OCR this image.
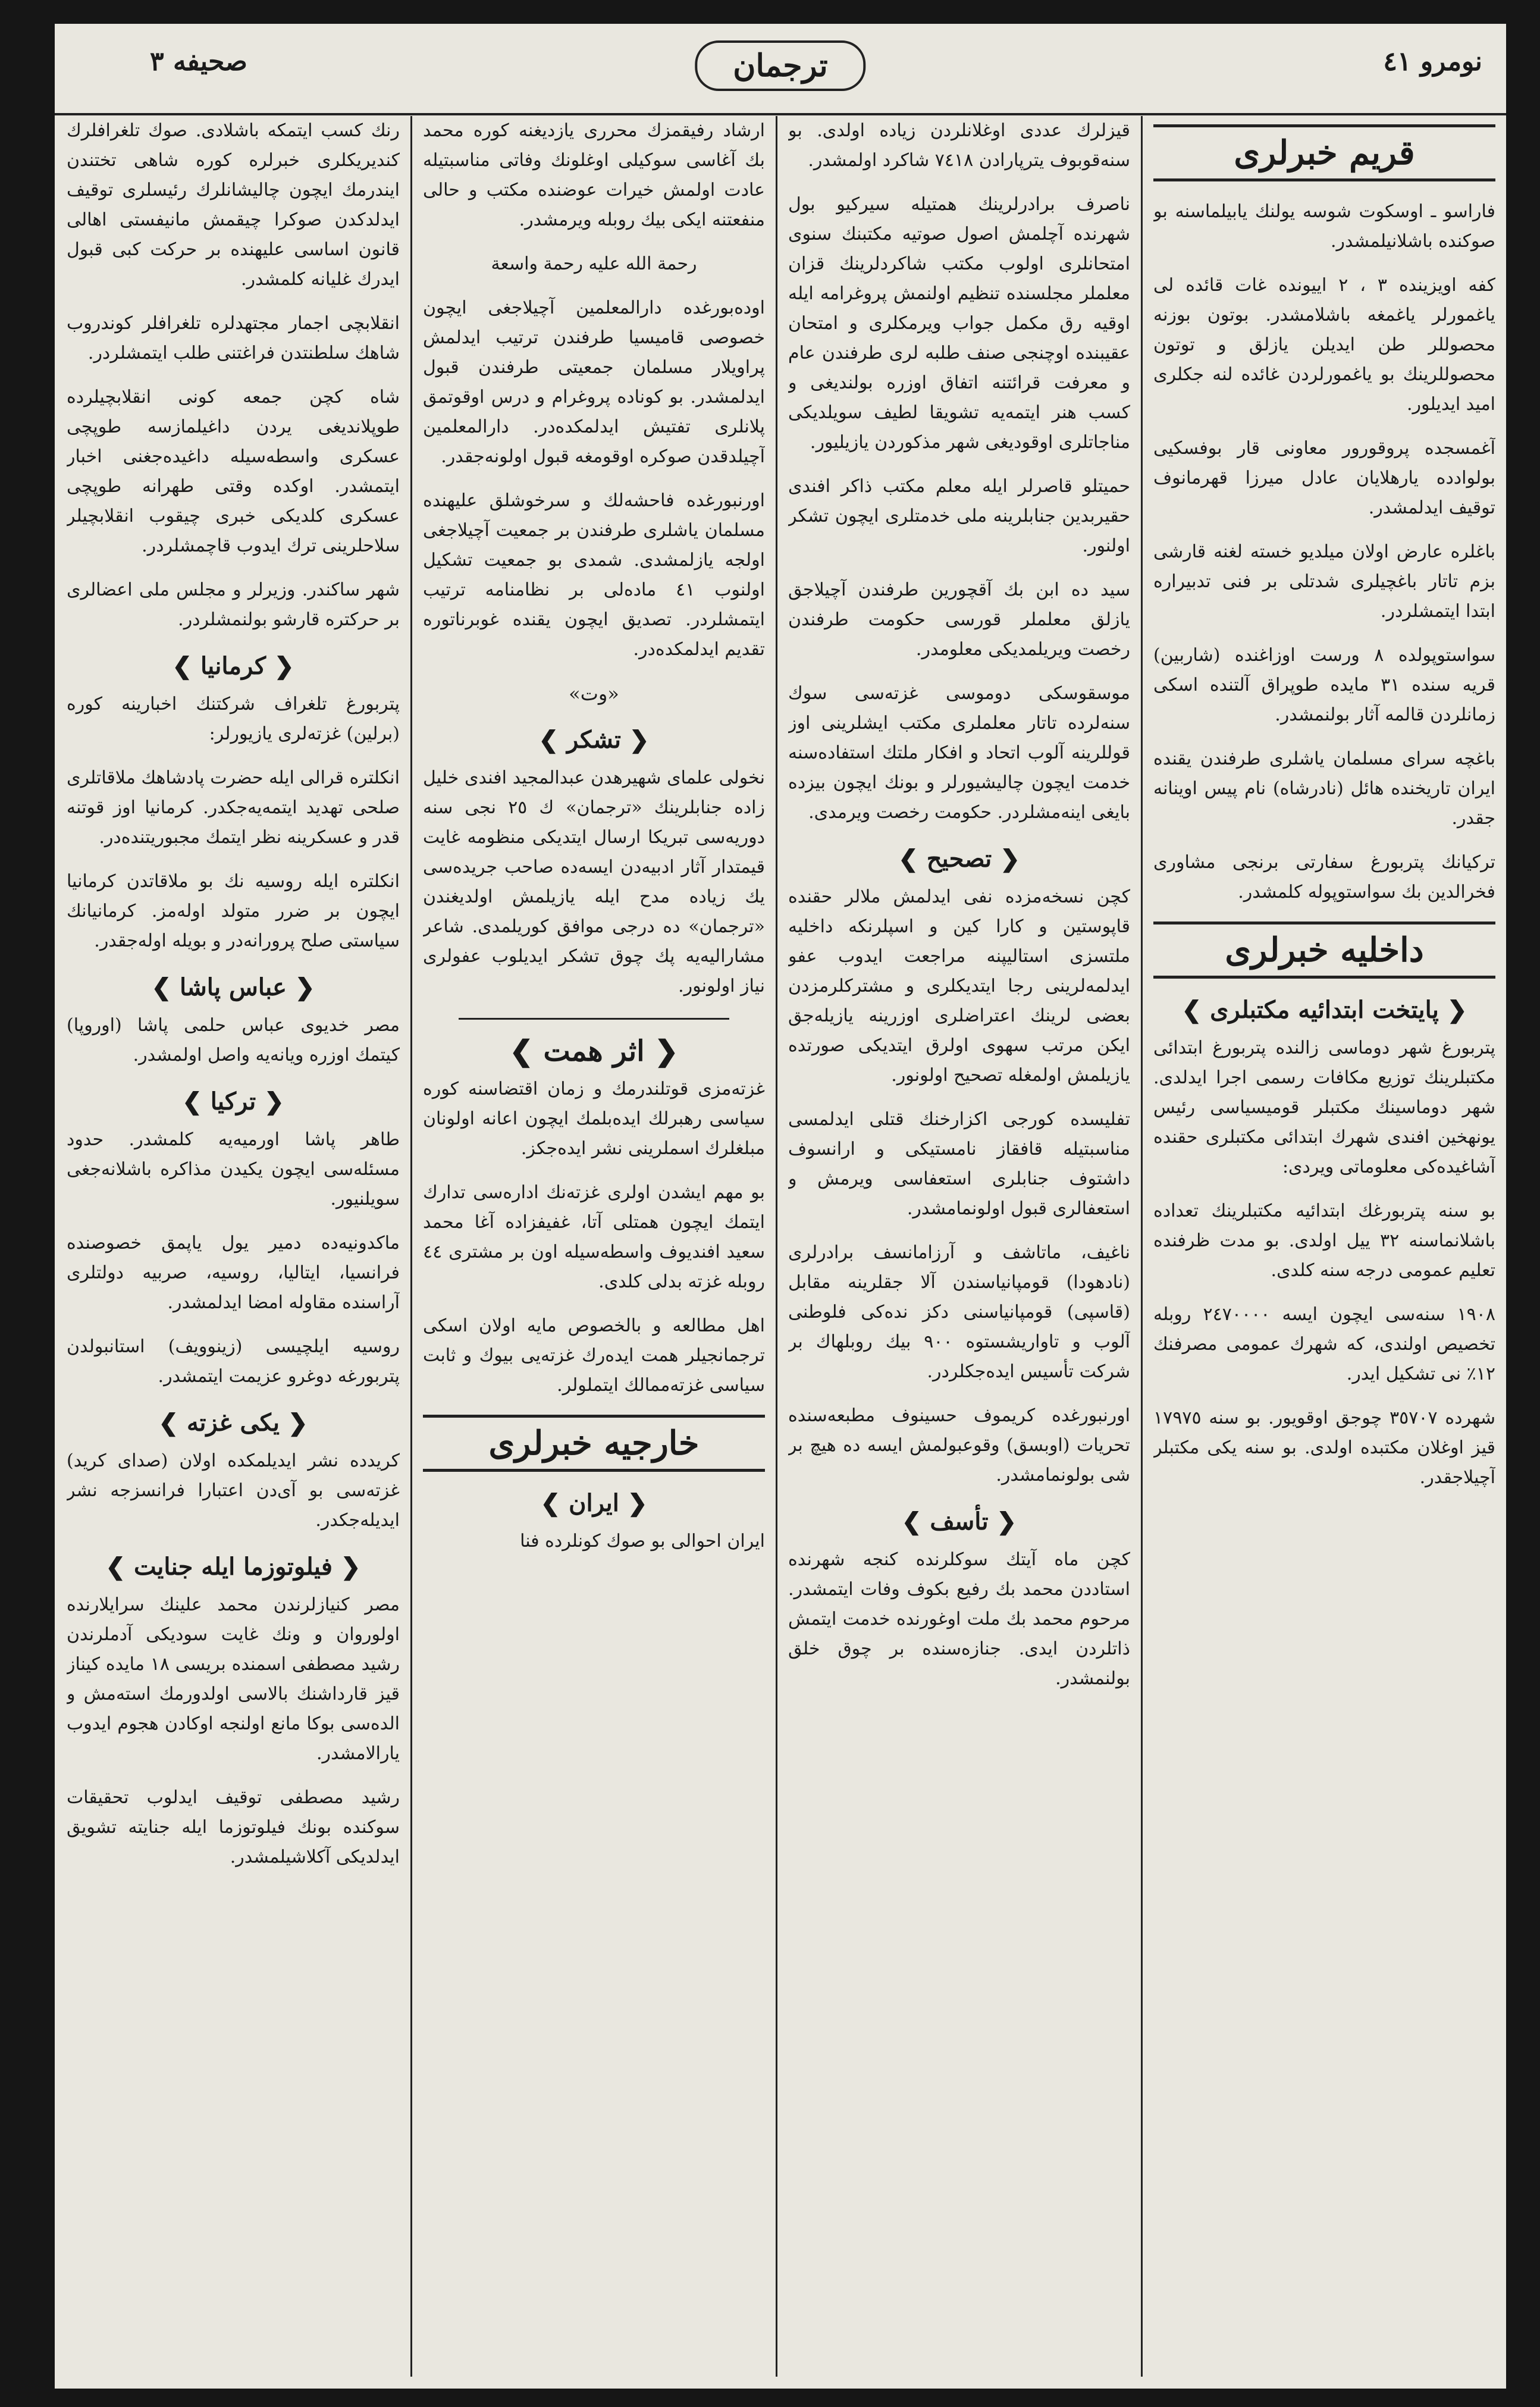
صحيفه ٣	ترجمان	نومرو ٤١
قريم خبرلری

فاراسو ـ اوسكوت شوسه يولنك يابيلماسنه بو صوكنده باشلانيلمشدر.

كفه اويزينده ٣ ، ٢ اييونده غات قائده لی ياغمورلر ياغمغه باشلامشدر. بوتون بوزنه محصوللر طن ايديلن يازلق و توتون محصوللرينك بو ياغمورلردن غائده لنه جكلری اميد ايديلور.

آغمسجده پروقورور معاونی قار بوفسكيی بولوادده يارهلايان عادل ميرزا قهرمانوف توقيف ايدلمشدر.

باغلره عارض اولان ميلديو خسته لغنه قارشی بزم تاتار باغچيلری شدتلی بر فنی تدبيراره ابتدا ايتمشلردر.

سواستوپولده ٨ ورست اوزاغنده (شاربين) قريه سنده ٣١ مايده طوپراق آلتنده اسكی زمانلردن قالمه آثار بولنمشدر.

باغچه سرای مسلمان ياشلری طرفندن يقنده ايران تاريخنده هائل (نادرشاه) نام پيس اوينانه جقدر.

تركيانك پتربورغ سفارتی برنجی مشاوری فخرالدين بك سواستوپوله كلمشدر.

داخليه خبرلری
❮ پايتخت ابتدائيه مكتبلری ❯

پتربورغ شهر دوماسی زالنده پتربورغ ابتدائی مكتبلرينك توزيع مكافات رسمی اجرا ايدلدی. شهر دوماسينك مكتبلر قوميسياسی رئيس يونهخين افندی شهرك ابتدائی مكتبلری حقنده آشاغيده‌كی معلوماتی ويردی:

بو سنه پتربورغك ابتدائيه مكتبلرينك تعداده باشلانماسنه ٣٢ ييل اولدی. بو مدت ظرفنده تعليم عمومی درجه سنه كلدی.

١٩٠٨ سنه‌سی ايچون ايسه ٢٤٧٠٠٠٠ روبله تخصيص اولندی، كه شهرك عمومی مصرفنك ١٢٪ نی تشكيل ايدر.

شهرده ٣٥٧٠٧ چوجق اوقويور. بو سنه ١٧٩٧٥ قيز اوغلان مكتبده اولدی. بو سنه يكی مكتبلر آچيلاجقدر.

قيزلرك عددی اوغلانلردن زياده اولدی. بو سنه‌قوبوف يترپارادن ٧٤١٨ شاكرد اولمشدر.

ناصرف برادرلرينك همتيله سيركيو بول شهرنده آچلمش اصول صوتيه مكتبنك سنوی امتحانلری اولوب مكتب شاكردلرينك قزان معلملر مجلسنده تنظيم اولنمش پروغرامه ايله اوقيه رق مكمل جواب ويرمكلری و امتحان عقيبنده اوچنجی صنف طلبه لری طرفندن عام و معرفت قرائتنه اتفاق اوزره بولنديغی و كسب هنر ايتمه‌يه تشويقا لطيف سويلديكی مناجاتلری اوقوديغی شهر مذكوردن يازيليور.

حميتلو قاصرلر ايله معلم مكتب ذاكر افندی حقيربدين جنابلرينه ملی خدمتلری ايچون تشكر اولنور.

سيد ده ابن بك آقچورين طرفندن آچيلاجق يازلق معلملر قورسی حكومت طرفندن رخصت ويريلمديكی معلومدر.

موسقوسكی دوموسی غزته‌سی سوك سنه‌لرده تاتار معلملری مكتب ايشلرينی اوز قوللرينه آلوب اتحاد و افكار ملتك استفاده‌سنه خدمت ايچون چاليشيورلر و بونك ايچون بيزده بايغی اينه‌مشلردر. حكومت رخصت ويرمدی.

❮ تصحيح ❯

كچن نسخه‌مزده نفی ايدلمش ملالر حقنده قاپوستين و كارا كين و اسپلرنكه داخليه ملتسزی استاليپنه مراجعت ايدوب عفو ايدلمه‌لرينی رجا ايتديكلری و مشتركلرمزدن بعضی لرينك اعتراضلری اوزرينه يازيله‌جق ايكن مرتب سهوی اولرق ايتديكی صورتده يازيلمش اولمغله تصحيح اولونور.

تفليسده كورجی اكزارخنك قتلی ايدلمسی مناسبتيله قافقاز نامستيكی و ارانسوف داشتوف جنابلری استعفاسی ويرمش و استعفالری قبول اولونمامشدر.

ناغيف، ماتاشف و آرزامانسف برادرلری (نادهودا) قومپانياسندن آلا جقلرينه مقابل (قاسپی) قومپانياسنی دكز نده‌كی فلوطنی آلوب و تاواريشستوه ٩٠٠ بيك روبلهاك بر شركت تأسيس ايده‌جكلردر.

اورنبورغده كريموف حسينوف مطبعه‌سنده تحريات (اوبسق) وقوعبولمش ايسه ده هيچ بر شی بولونمامشدر.

❮ تأسف ❯

كچن ماه آيتك سوكلرنده كنجه شهرنده استاددن محمد بك رفيع بكوف وفات ايتمشدر. مرحوم محمد بك ملت اوغورنده خدمت ايتمش ذاتلردن ايدی. جنازه‌سنده بر چوق خلق بولنمشدر.

ارشاد رفيقمزك محرری يازديغنه كوره محمد بك آغا‌سی سوكيلی اوغلونك وفاتی مناسبتيله عادت اولمش خيرات عوضنده مكتب و حالی منفعتنه ايكی بيك روبله ويرمشدر.

رحمة الله عليه رحمة واسعة

اوده‌بورغده دارالمعلمين آچيلاجغی ايچون خصوصی قاميسيا طرفندن ترتيب ايدلمش پراويلار مسلمان جمعيتی طرفندن قبول ايدلمشدر. بو كوناده پروغرام و درس اوقوتمق پلانلری تفتيش ايدلمكده‌در. دارالمعلمين آچيلدقدن صوكره اوقومغه قبول اولونه‌جقدر.

اورنبورغده فاحشه‌لك و سرخوشلق عليهنده مسلمان ياشلری طرفندن بر جمعيت آچيلاجغی اولجه يازلمشدی. شمدی بو جمعيت تشكيل اولنوب ٤١ ماده‌لی بر نظامنامه ترتيب ايتمشلردر. تصديق ايچون يقنده غوبرناتوره تقديم ايدلمكده‌در.

«وت»
❮ تشكر ❯

نخولی علمای شهيرهدن عبدالمجيد افندی خليل زاده جنابلرينك «ترجمان» ك ٢٥ نجی سنه دوريه‌سی تبريكا ارسال ايتديكی منظومه غايت قيمتدار آثار ادبيه‌دن ايسه‌ده صاحب جريده‌سی يك زياده مدح ايله يازيلمش اولديغندن «ترجمان» ده درجی موافق كوريلمدی. شاعر مشاراليه‌يه پك چوق تشكر ايديلوب عفولری نياز اولونور.

❮ اثر همت ❯

غزته‌مزی قوتلندرمك و زمان اقتضاسنه كوره سياسی رهبرلك ايده‌بلمك ايچون اعانه اولونان مبلغلرك اسملرينی نشر ايده‌جكز.

بو مهم ايشدن اولری غزته‌نك اداره‌سی تدارك ايتمك ايچون همتلی آتا، غفيفزاده آغا محمد سعيد افنديوف واسطه‌سيله اون بر مشتری ٤٤ روبله غزته بدلی كلدی.

اهل مطالعه و بالخصوص مايه اولان اسكی ترجمانجيلر همت ايده‌رك غزته‌يی بيوك و ثابت سياسی غزته‌ممالك ايتملولر.

خارجيه خبرلری
❮ ايران ❯

ايران احوالی بو صوك كونلرده فنا

رنك كسب ايتمكه باشلادی. صوك تلغرافلرك كنديريكلری خبرلره كوره شاهی تختندن ايندرمك ايچون چاليشانلرك رئيسلری توقيف ايدلدكدن صوكرا چيقمش مانيفستی اهالی قانون اساسی عليهنده بر حركت كبی قبول ايدرك غليانه كلمشدر.

انقلابچی اجمار مجتهدلره تلغرافلر كوندروب شاهك سلطنتدن فراغتنی طلب ايتمشلردر.

شاه كچن جمعه كونی انقلابچيلرده طوپلانديغی يردن داغيلمازسه طوپچی عسكری واسطه‌سيله داغيده‌جغنی اخبار ايتمشدر. اوكده وقتی طهرانه طوپچی عسكری كلديكی خبری چيقوب انقلابچيلر سلاحلرينی ترك ايدوب قاچمشلردر.

شهر ساكندر. وزيرلر و مجلس ملی اعضالری بر حركتره قارشو بولنمشلردر.

❮ كرمانيا ❯

پتربورغ تلغراف شركتنك اخبارينه كوره (برلين) غزته‌لری يازيورلر:

انكلتره قرالی ايله حضرت پادشاهك ملاقاتلری صلحی تهديد ايتمه‌يه‌جكدر. كرمانيا اوز قوتنه قدر و عسكرينه نظر ايتمك مجبوريتنده‌در.

انكلتره ايله روسيه نك بو ملاقاتدن كرمانيا ايچون بر ضرر متولد اوله‌مز. كرمانيانك سياستی صلح پرورانه‌در و بويله اوله‌جقدر.

❮ عباس پاشا ❯

مصر خديوی عباس حلمی پاشا (اوروپا) كيتمك اوزره ويانه‌يه واصل اولمشدر.

❮ تركيا ❯

طاهر پاشا اورميه‌يه كلمشدر. حدود مسئله‌سی ايچون يكيدن مذاكره باشلانه‌جغی سويلنيور.

ماكدونيه‌ده دمير يول ياپمق خصوصنده فرانسيا، ايتاليا، روسيه، صربيه دولتلری آراسنده مقاوله امضا ايدلمشدر.

روسيه ايلچيسی (زينوويف) استانبولدن پتربورغه دوغرو عزيمت ايتمشدر.

❮ يكی غزته ❯

كريدده نشر ايديلمكده اولان (صدای كريد) غزته‌سی بو آی‌دن اعتبارا فرانسزجه نشر ايديله‌جكدر.

❮ فيلوتوزما ايله جنايت ❯

مصر كنيازلرندن محمد علينك سرايلارنده اولوروان و ونك غايت سوديكی آدملرندن رشيد مصطفی اسمنده بريسی ١٨ مايده كيناز قيز قارداشنك بالاسی اولدورمك استه‌مش و الده‌سی بوكا مانع اولنجه اوكادن هجوم ايدوب يارالامشدر.

رشيد مصطفی توقيف ايدلوب تحقيقات سوكنده بونك فيلوتوزما ايله جنايته تشويق ايدلديكی آكلاشيلمشدر.
